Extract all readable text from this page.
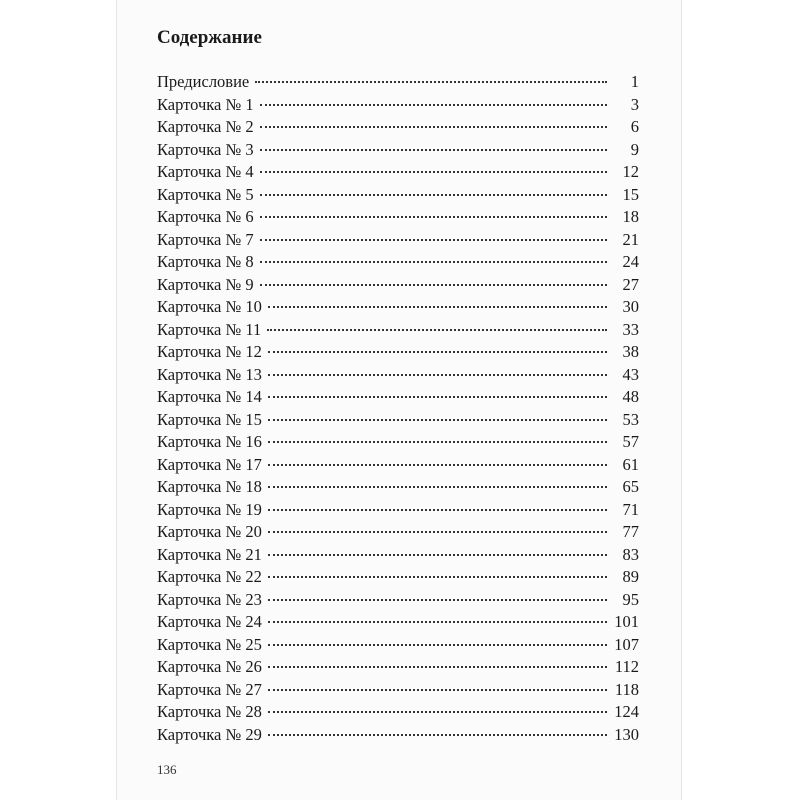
Содержание
Предисловие	1
Карточка № 1	3
Карточка № 2	6
Карточка № 3	9
Карточка № 4	12
Карточка № 5	15
Карточка № 6	18
Карточка № 7	21
Карточка № 8	24
Карточка № 9	27
Карточка № 10	30
Карточка № 11	33
Карточка № 12	38
Карточка № 13	43
Карточка № 14	48
Карточка № 15	53
Карточка № 16	57
Карточка № 17	61
Карточка № 18	65
Карточка № 19	71
Карточка № 20	77
Карточка № 21	83
Карточка № 22	89
Карточка № 23	95
Карточка № 24	101
Карточка № 25	107
Карточка № 26	112
Карточка № 27	118
Карточка № 28	124
Карточка № 29	130
136
